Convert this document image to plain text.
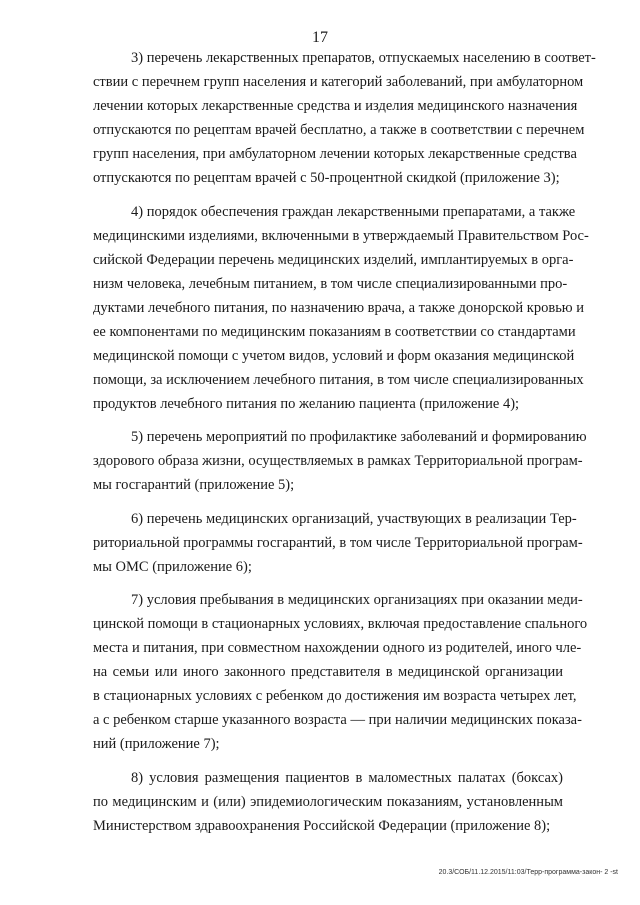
17
3) перечень лекарственных препаратов, отпускаемых населению в соответ-
ствии с перечнем групп населения и категорий заболеваний, при амбулаторном
лечении которых лекарственные средства и изделия медицинского назначения
отпускаются по рецептам врачей бесплатно, а также в соответствии с перечнем
групп населения, при амбулаторном лечении которых лекарственные средства
отпускаются по рецептам врачей с 50-процентной скидкой (приложение 3);
4) порядок обеспечения граждан лекарственными препаратами, а также
медицинскими изделиями, включенными в утверждаемый Правительством Рос-
сийской Федерации перечень медицинских изделий, имплантируемых в орга-
низм человека, лечебным питанием, в том числе специализированными про-
дуктами лечебного питания, по назначению врача, а также донорской кровью и
ее компонентами по медицинским показаниям в соответствии со стандартами
медицинской помощи с учетом видов, условий и форм оказания медицинской
помощи, за исключением лечебного питания, в том числе специализированных
продуктов лечебного питания по желанию пациента (приложение 4);
5) перечень мероприятий по профилактике заболеваний и формированию
здорового образа жизни, осуществляемых в рамках Территориальной програм-
мы госгарантий (приложение 5);
6) перечень медицинских организаций, участвующих в реализации Тер-
риториальной программы госгарантий, в том числе Территориальной програм-
мы ОМС (приложение 6);
7) условия пребывания в медицинских организациях при оказании меди-
цинской помощи в стационарных условиях, включая предоставление спального
места и питания, при совместном нахождении одного из родителей, иного чле-
на семьи или иного законного представителя в медицинской организации
в стационарных условиях с ребенком до достижения им возраста четырех лет,
а с ребенком старше указанного возраста — при наличии медицинских показа-
ний (приложение 7);
8) условия размещения пациентов в маломестных палатах (боксах)
по медицинским и (или) эпидемиологическим показаниям, установленным
Министерством здравоохранения Российской Федерации (приложение 8);
20.3/СОБ/11.12.2015/11:03/Терр-программа-закон- 2 -st
